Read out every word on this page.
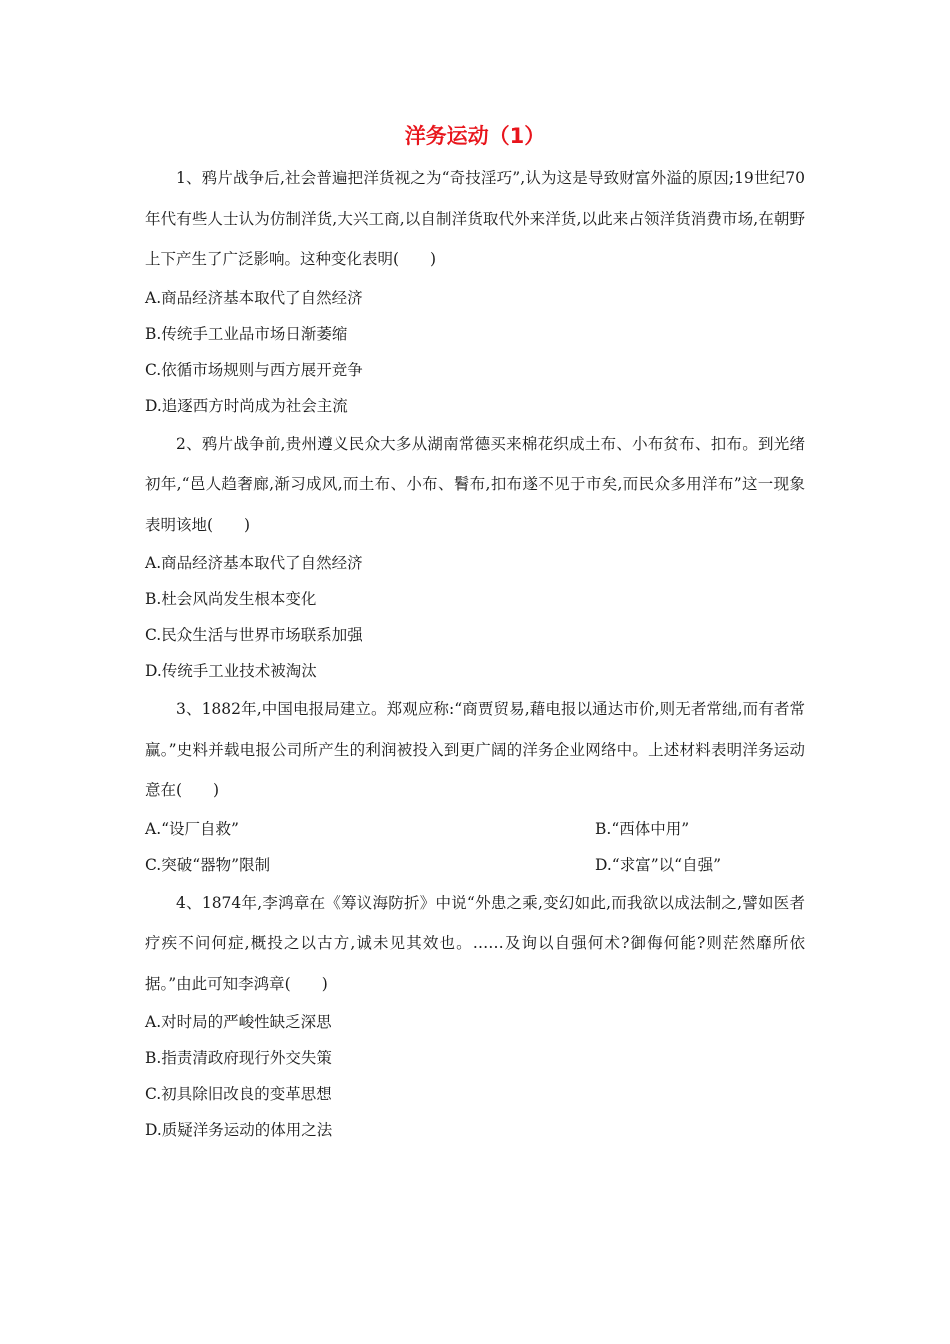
洋务运动（1）

1、鸦片战争后,社会普遍把洋货视之为“奇技淫巧”,认为这是导致财富外溢的原因;19世纪70年代有些人士认为仿制洋货,大兴工商,以自制洋货取代外来洋货,以此来占领洋货消费市场,在朝野上下产生了广泛影响。这种变化表明(　　)

A.商品经济基本取代了自然经济

B.传统手工业品市场日渐萎缩

C.依循市场规则与西方展开竞争

D.追逐西方时尚成为社会主流

2、鸦片战争前,贵州遵义民众大多从湖南常德买来棉花织成土布、小布贫布、扣布。到光绪初年,“邑人趋奢廊,渐习成风,而土布、小布、鬌布,扣布遂不见于市矣,而民众多用洋布”这一现象表明该地(　　)

A.商品经济基本取代了自然经济

B.杜会风尚发生根本变化

C.民众生活与世界市场联系加强

D.传统手工业技术被淘汰

3、1882年,中国电报局建立。郑观应称:“商贾贸易,藉电报以通达市价,则无者常绌,而有者常赢。”史料并载电报公司所产生的利润被投入到更广阔的洋务企业网络中。上述材料表明洋务运动意在(　　)

A.“设厂自救”	B.“西体中用”
C.突破“器物”限制	D.“求富”以“自强”

4、1874年,李鸿章在《筹议海防折》中说“外患之乘,变幻如此,而我欲以成法制之,譬如医者疗疾不问何症,概投之以古方,诚未见其效也。……及询以自强何术?御侮何能?则茫然靡所依据。”由此可知李鸿章(　　)

A.对时局的严峻性缺乏深思

B.指责清政府现行外交失策

C.初具除旧改良的变革思想

D.质疑洋务运动的体用之法
